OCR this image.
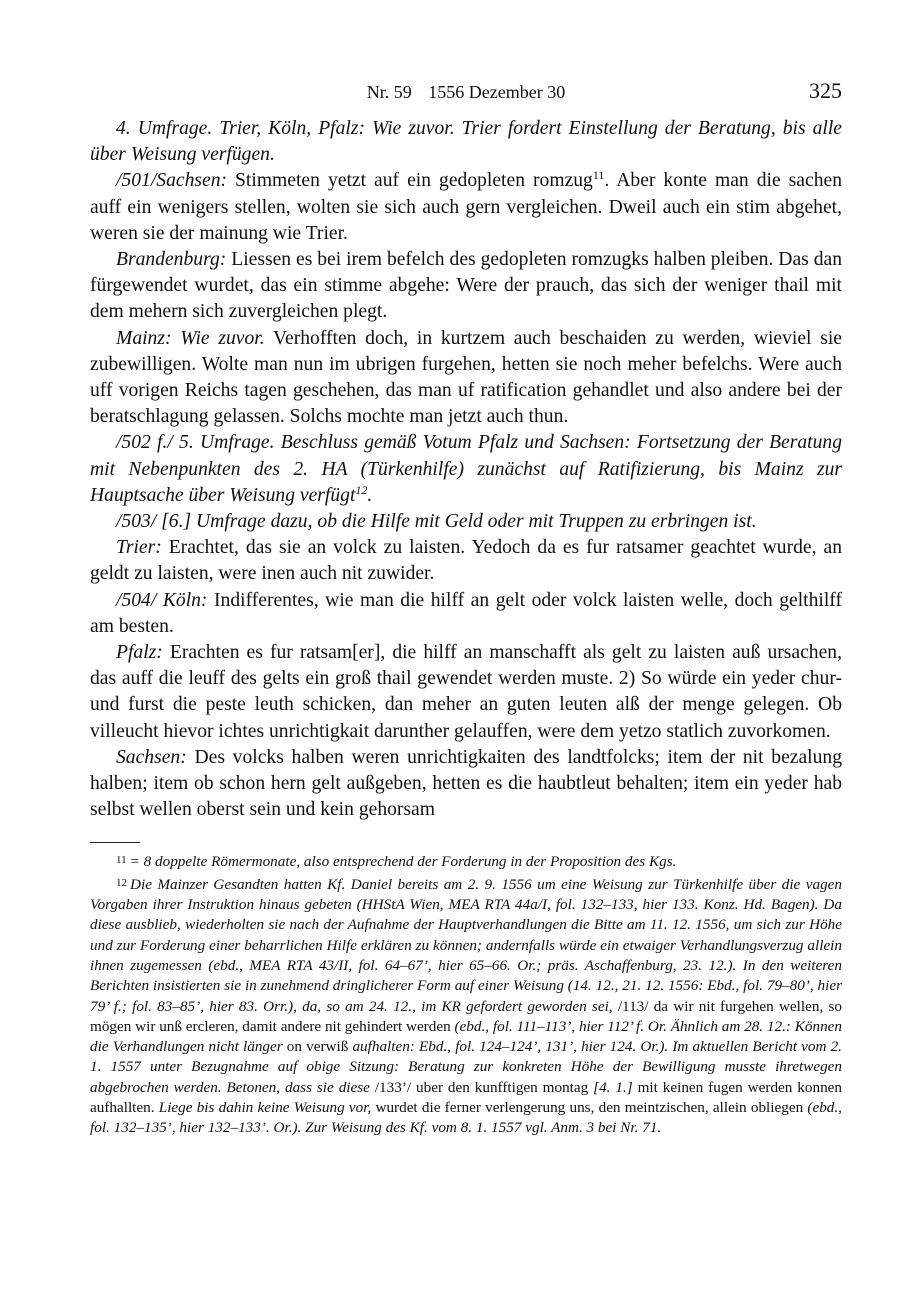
Nr. 59 1556 Dezember 30	325

4. Umfrage. Trier, Köln, Pfalz: Wie zuvor. Trier fordert Einstellung der Beratung, bis alle über Weisung verfügen.

/501/Sachsen: Stimmeten yetzt auf ein gedopleten romzug$^{11}$. Aber konte man die sachen auff ein wenigers stellen, wolten sie sich auch gern vergleichen. Dweil auch ein stim abgehet, weren sie der mainung wie Trier.

Brandenburg: Liessen es bei irem befelch des gedopleten romzugks halben pleiben. Das dan fürgewendet wurdet, das ein stimme abgehe: Were der prauch, das sich der weniger thail mit dem mehern sich zuvergleichen plegt.

Mainz: Wie zuvor. Verhofften doch, in kurtzem auch beschaiden zu werden, wieviel sie zubewilligen. Wolte man nun im ubrigen furgehen, hetten sie noch meher befelchs. Were auch uff vorigen Reichs tagen geschehen, das man uf ratification gehandlet und also andere bei der beratschlagung gelassen. Solchs mochte man jetzt auch thun.

/502 f./ 5. Umfrage. Beschluss gemäß Votum Pfalz und Sachsen: Fortsetzung der Beratung mit Nebenpunkten des 2. HA (Türkenhilfe) zunächst auf Ratifizierung, bis Mainz zur Hauptsache über Weisung verfügt$^{12}$.

/503/ [6.] Umfrage dazu, ob die Hilfe mit Geld oder mit Truppen zu erbringen ist.

Trier: Erachtet, das sie an volck zu laisten. Yedoch da es fur ratsamer geachtet wurde, an geldt zu laisten, were inen auch nit zuwider.

/504/ Köln: Indifferentes, wie man die hilff an gelt oder volck laisten welle, doch gelthilff am besten.

Pfalz: Erachten es fur ratsam[er], die hilff an manschafft als gelt zu laisten auß ursachen, das auff die leuff des gelts ein groß thail gewendet werden muste. 2) So würde ein yeder chur- und furst die peste leuth schicken, dan meher an guten leuten alß der menge gelegen. Ob villeucht hievor ichtes unrichtigkait darunther gelauffen, were dem yetzo statlich zuvorkomen.

Sachsen: Des volcks halben weren unrichtigkaiten des landtfolcks; item der nit bezalung halben; item ob schon hern gelt außgeben, hetten es die haubtleut behalten; item ein yeder hab selbst wellen oberst sein und kein gehorsam

11 = 8 doppelte Römermonate, also entsprechend der Forderung in der Proposition des Kgs.

12 Die Mainzer Gesandten hatten Kf. Daniel bereits am 2. 9. 1556 um eine Weisung zur Türkenhilfe über die vagen Vorgaben ihrer Instruktion hinaus gebeten (HHStA Wien, MEA RTA 44a/I, fol. 132–133, hier 133. Konz. Hd. Bagen). Da diese ausblieb, wiederholten sie nach der Aufnahme der Hauptverhandlungen die Bitte am 11. 12. 1556, um sich zur Höhe und zur Forderung einer beharrlichen Hilfe erklären zu können; andernfalls würde ein etwaiger Verhandlungsverzug allein ihnen zugemessen (ebd., MEA RTA 43/II, fol. 64–67’, hier 65–66. Or.; präs. Aschaffenburg, 23. 12.). In den weiteren Berichten insistierten sie in zunehmend dringlicherer Form auf einer Weisung (14. 12., 21. 12. 1556: Ebd., fol. 79–80’, hier 79’ f.; fol. 83–85’, hier 83. Orr.), da, so am 24. 12., im KR gefordert geworden sei, /113/ da wir nit furgehen wellen, so mögen wir unß ercleren, damit andere nit gehindert werden (ebd., fol. 111–113’, hier 112’ f. Or. Ähnlich am 28. 12.: Können die Verhandlungen nicht länger on verwiß aufhalten: Ebd., fol. 124–124’, 131’, hier 124. Or.). Im aktuellen Bericht vom 2. 1. 1557 unter Bezugnahme auf obige Sitzung: Beratung zur konkreten Höhe der Bewilligung musste ihretwegen abgebrochen werden. Betonen, dass sie diese /133’/ uber den kunfftigen montag [4. 1.] mit keinen fugen werden konnen aufhallten. Liege bis dahin keine Weisung vor, wurdet die ferner verlengerung uns, den meintzischen, allein obliegen (ebd., fol. 132–135’, hier 132–133’. Or.). Zur Weisung des Kf. vom 8. 1. 1557 vgl. Anm. 3 bei Nr. 71.
